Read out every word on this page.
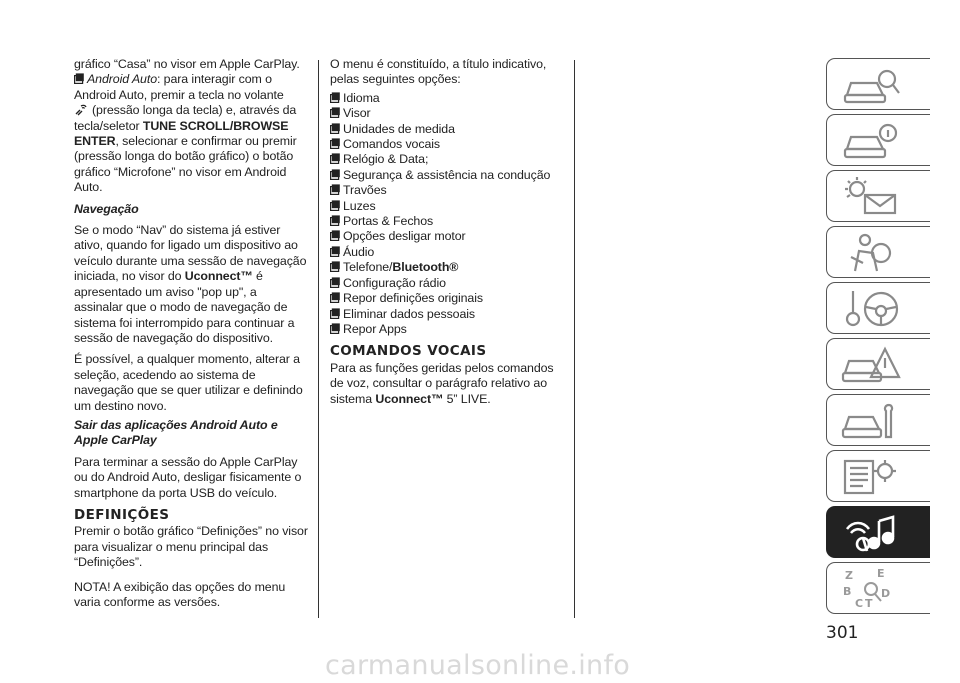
gráfico “Casa” no visor em Apple CarPlay.

Android Auto: para interagir com o Android Auto, premir a tecla no volante

(pressão longa da tecla) e, através da tecla/seletor TUNE SCROLL/BROWSE ENTER, selecionar e confirmar ou premir (pressão longa do botão gráfico) o botão gráfico “Microfone” no visor em Android Auto.

Navegação

Se o modo “Nav” do sistema já estiver ativo, quando for ligado um dispositivo ao veículo durante uma sessão de navegação iniciada, no visor do Uconnect™ é apresentado um aviso "pop up", a assinalar que o modo de navegação de sistema foi interrompido para continuar a sessão de navegação do dispositivo.

É possível, a qualquer momento, alterar a seleção, acedendo ao sistema de navegação que se quer utilizar e definindo um destino novo.

Sair das aplicações Android Auto e Apple CarPlay

Para terminar a sessão do Apple CarPlay ou do Android Auto, desligar fisicamente o smartphone da porta USB do veículo.

DEFINIÇÕES

Premir o botão gráfico “Definições” no visor para visualizar o menu principal das “Definições”.

NOTA! A exibição das opções do menu varia conforme as versões.

O menu é constituído, a título indicativo, pelas seguintes opções:

Idioma

Visor

Unidades de medida

Comandos vocais

Relógio & Data;

Segurança & assistência na condução

Travões

Luzes

Portas & Fechos

Opções desligar motor

Áudio

Telefone/Bluetooth®

Configuração rádio

Repor definições originais

Eliminar dados pessoais

Repor Apps

COMANDOS VOCAIS

Para as funções geridas pelos comandos de voz, consultar o parágrafo relativo ao sistema Uconnect™ 5” LIVE.

Z E
B	D
C T
301
carmanualsonline.info
